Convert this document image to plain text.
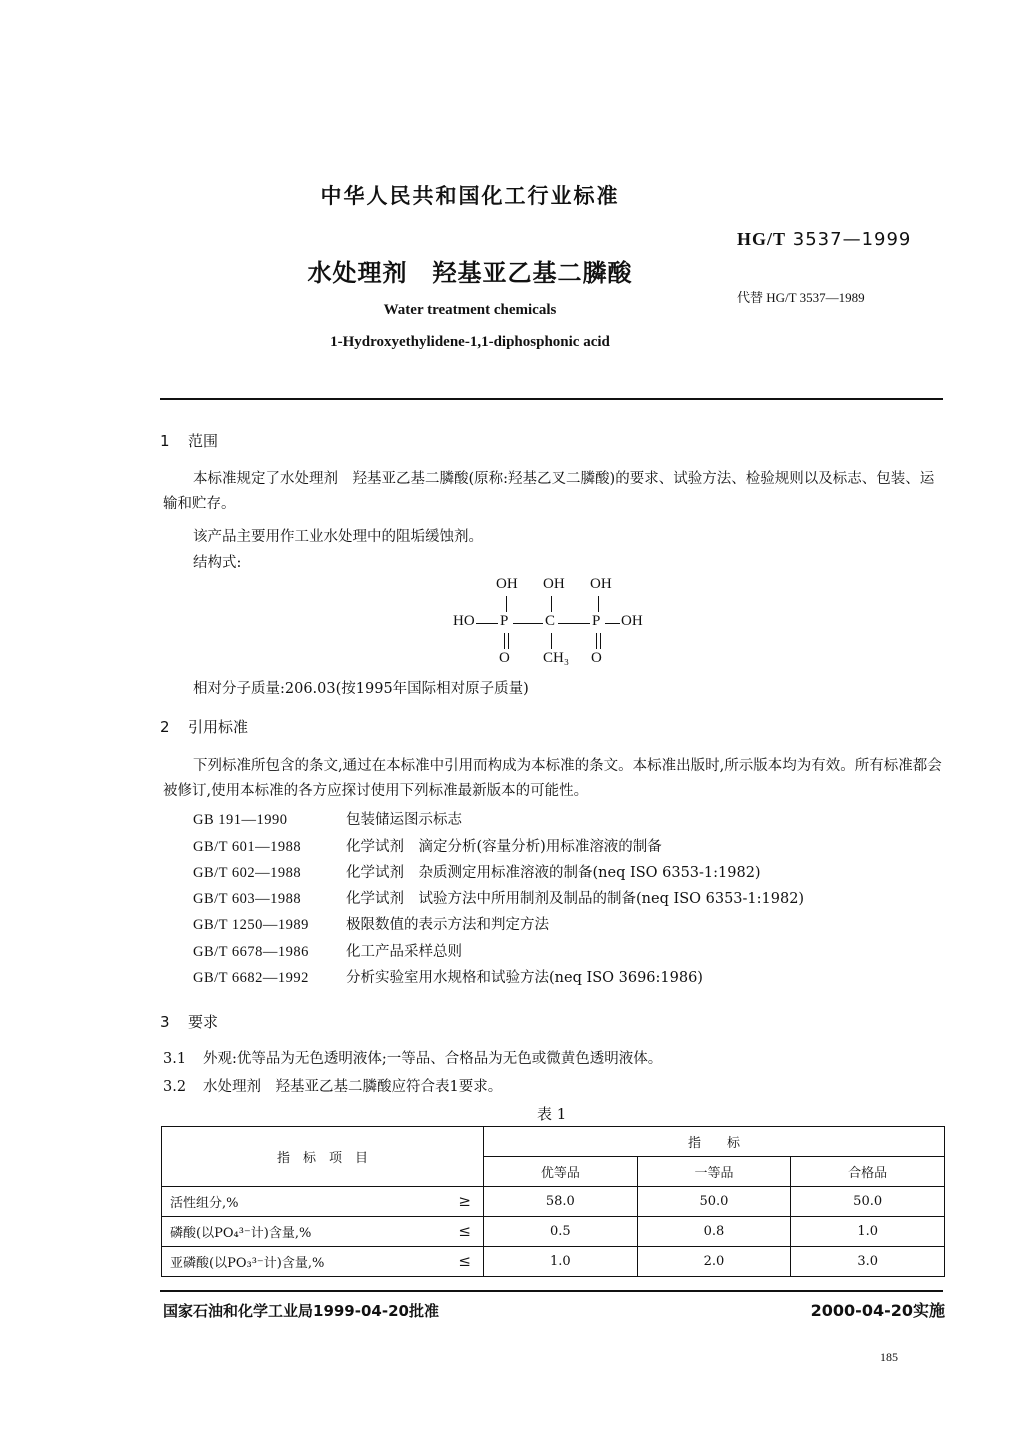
中华人民共和国化工行业标准
HG/T 3537—1999
水处理剂　羟基亚乙基二膦酸
代替 HG/T 3537—1989
Water treatment chemicals
1-Hydroxyethylidene-1,1-diphosphonic acid
1 范围
本标准规定了水处理剂　羟基亚乙基二膦酸(原称:羟基乙叉二膦酸)的要求、试验方法、检验规则以及标志、包装、运输和贮存。
该产品主要用作工业水处理中的阻垢缓蚀剂。
结构式:
OH OH OH
HO P C P OH
O CH₃ O
相对分子质量:206.03(按1995年国际相对原子质量)
2 引用标准
下列标准所包含的条文,通过在本标准中引用而构成为本标准的条文。本标准出版时,所示版本均为有效。所有标准都会被修订,使用本标准的各方应探讨使用下列标准最新版本的可能性。
GB 191—1990	包装储运图示标志
GB/T 601—1988	化学试剂　滴定分析(容量分析)用标准溶液的制备
GB/T 602—1988	化学试剂　杂质测定用标准溶液的制备(neq ISO 6353-1:1982)
GB/T 603—1988	化学试剂　试验方法中所用制剂及制品的制备(neq ISO 6353-1:1982)
GB/T 1250—1989	极限数值的表示方法和判定方法
GB/T 6678—1986	化工产品采样总则
GB/T 6682—1992	分析实验室用水规格和试验方法(neq ISO 3696:1986)
3 要求
3.1 外观:优等品为无色透明液体;一等品、合格品为无色或微黄色透明液体。
3.2 水处理剂　羟基亚乙基二膦酸应符合表1要求。
表 1
指　标　项　目	指　　标		
	优等品	一等品	合格品
活性组分,% ≥	58.0	50.0	50.0
磷酸(以PO₄³⁻计)含量,% ≤	0.5	0.8	1.0
亚磷酸(以PO₃³⁻计)含量,% ≤	1.0	2.0	3.0
国家石油和化学工业局1999-04-20批准	2000-04-20实施
185
